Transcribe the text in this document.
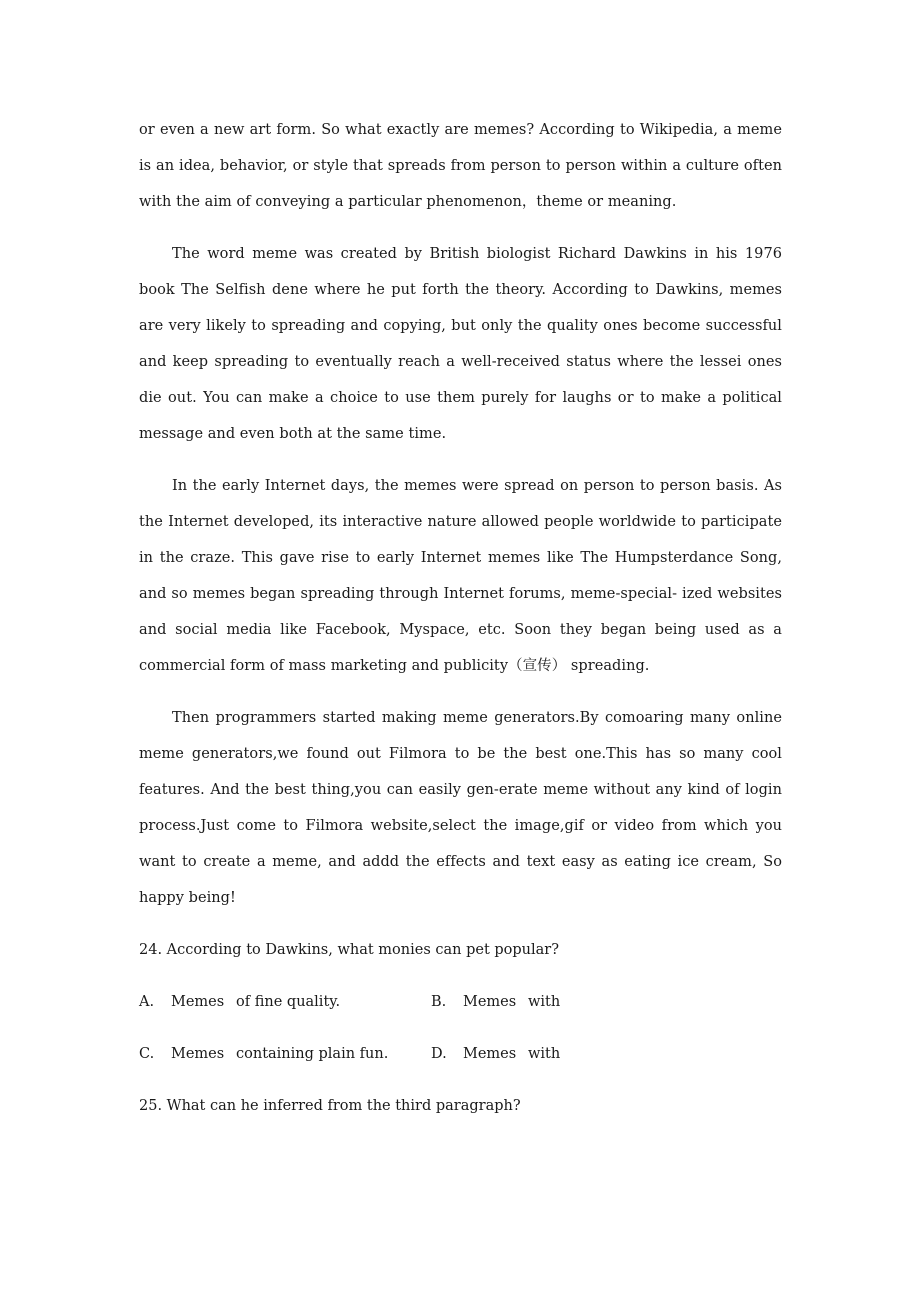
or even a new art form. So what exactly are memes? According to Wikipedia, a meme is an idea, behavior, or style that spreads from person to person within a culture often with the aim of conveying a particular phenomenon，theme or meaning.

The word meme was created by British biologist Richard Dawkins in his 1976 book The Selfish dene where he put forth the theory. According to Dawkins, memes are very likely to spreading and copying, but only the quality ones become successful and keep spreading to eventually reach a well-received status where the lessei ones die out. You can make a choice to use them purely for laughs or to make a political message and even both at the same time.

In the early Internet days, the memes were spread on person to person basis. As the Internet developed, its interactive nature allowed people worldwide to participate in the craze. This gave rise to early Internet memes like The Humpsterdance Song, and so memes began spreading through Internet forums, meme-special- ized websites and social media like Facebook, Myspace, etc. Soon they began being used as a commercial form of mass marketing and publicity（宣传） spreading.

Then programmers started making meme generators.By comoaring many online meme generators,we found out Filmora to be the best one.This has so many cool features. And the best thing,you can easily gen-erate meme without any kind of login process.Just come to Filmora website,select the image,gif or video from which you want to create a meme, and addd the effects and text easy as eating ice cream, So happy being!

24. According to Dawkins, what monies can pet popular?
A.	Memes of fine quality.	B.	Memes with
C.	Memes containing plain fun.	D.	Memes with
25. What can he inferred from the third paragraph?
